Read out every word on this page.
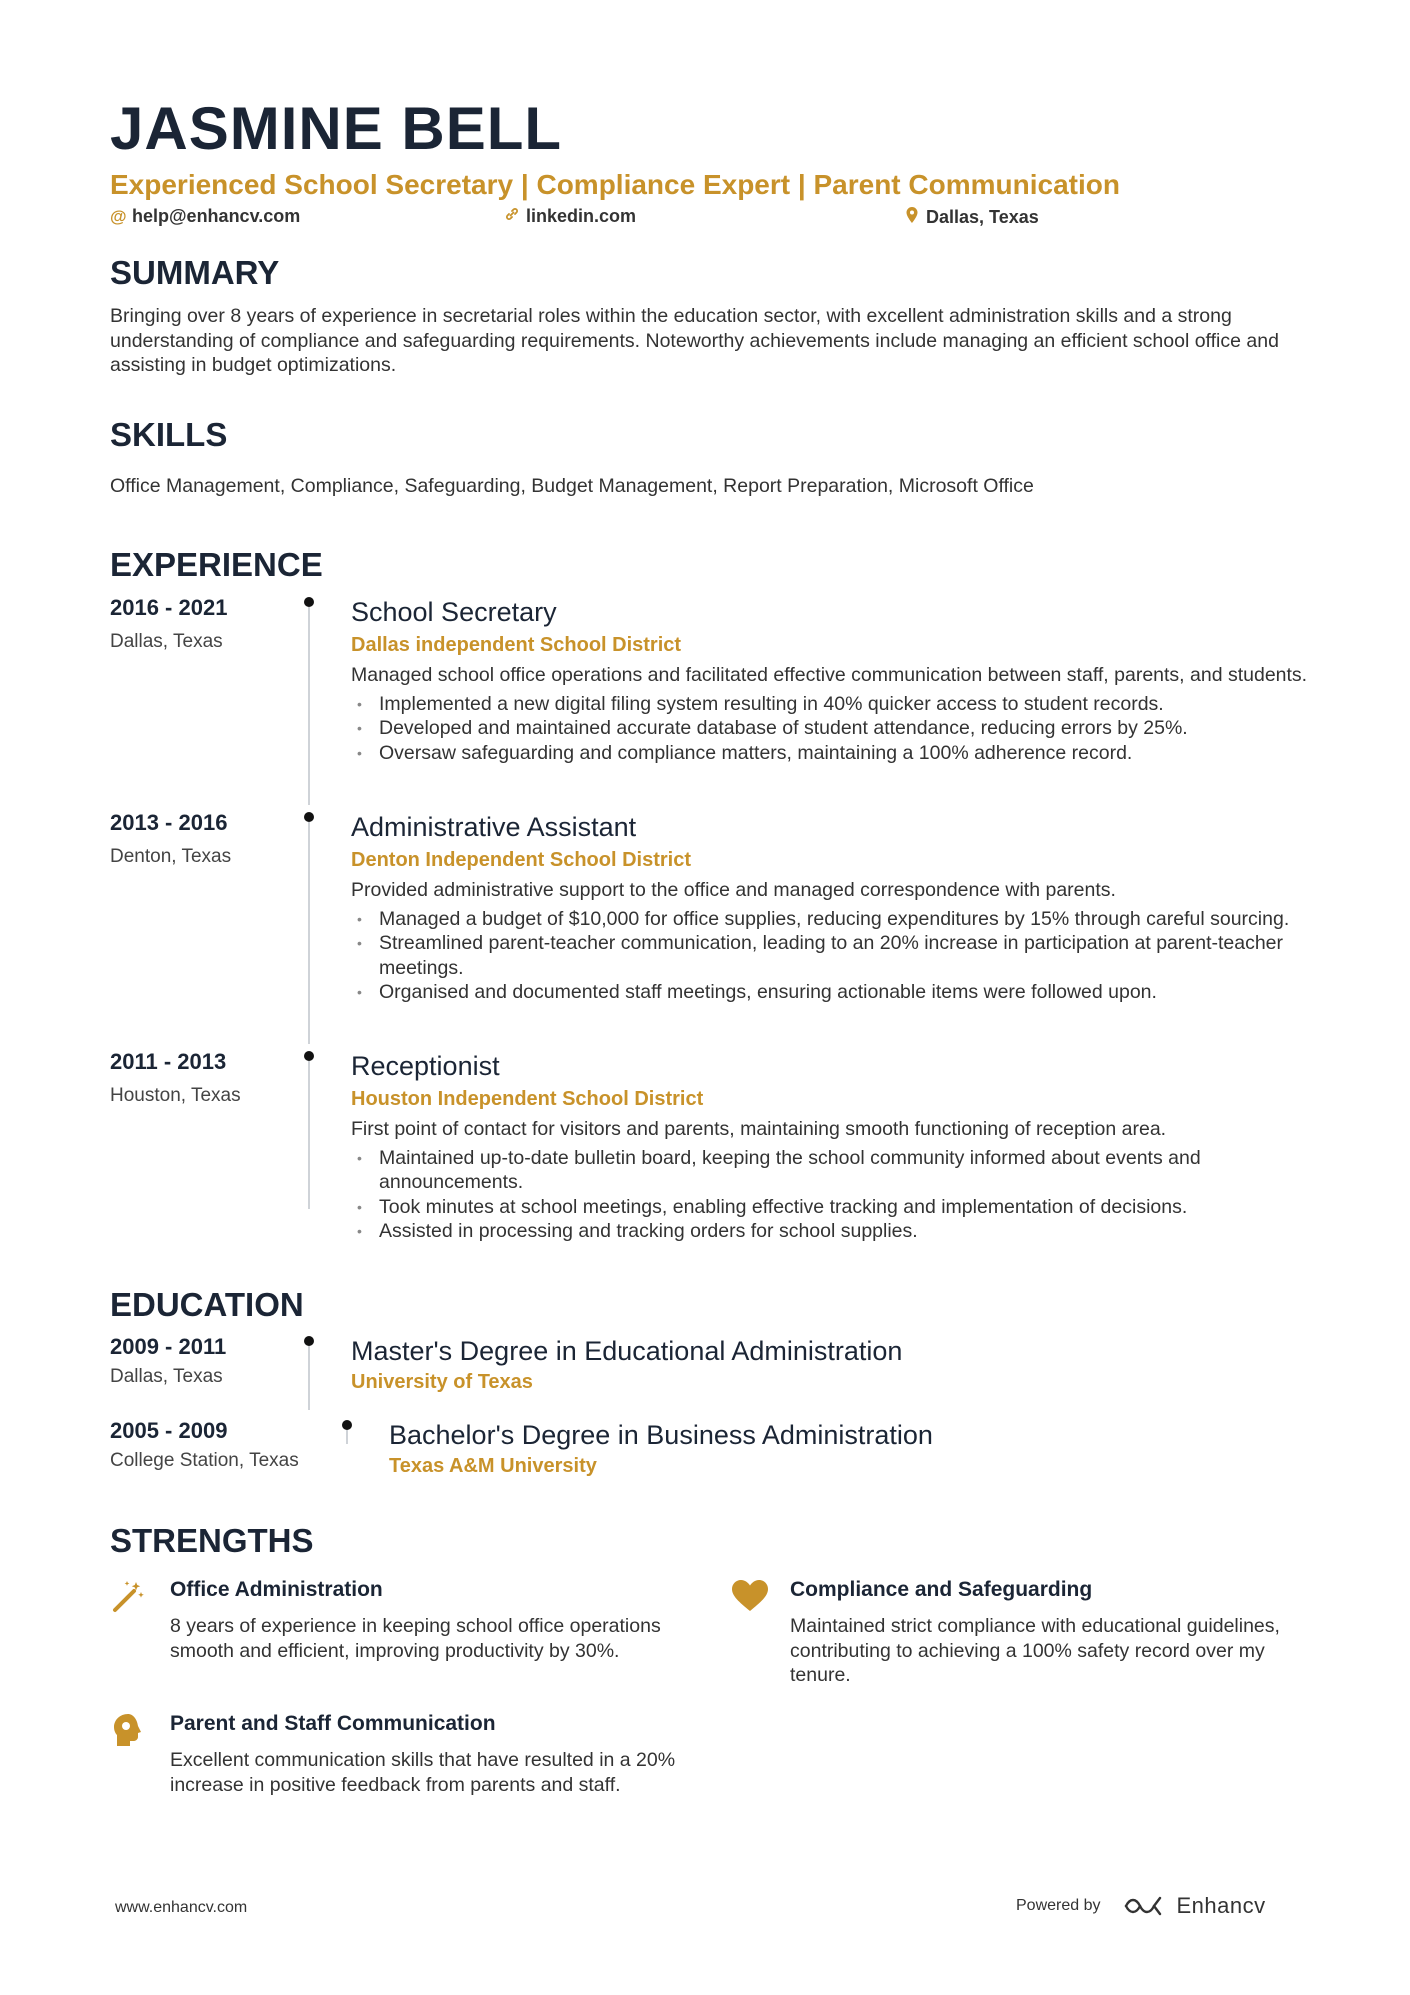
JASMINE BELL
Experienced School Secretary | Compliance Expert | Parent Communication
@ help@enhancv.com	linkedin.com	Dallas, Texas
SUMMARY
Bringing over 8 years of experience in secretarial roles within the education sector, with excellent administration skills and a strong understanding of compliance and safeguarding requirements. Noteworthy achievements include managing an efficient school office and assisting in budget optimizations.
SKILLS
Office Management, Compliance, Safeguarding, Budget Management, Report Preparation, Microsoft Office
EXPERIENCE
2016 - 2021
Dallas, Texas
School Secretary
Dallas independent School District
Managed school office operations and facilitated effective communication between staff, parents, and students.
• Implemented a new digital filing system resulting in 40% quicker access to student records.
• Developed and maintained accurate database of student attendance, reducing errors by 25%.
• Oversaw safeguarding and compliance matters, maintaining a 100% adherence record.
2013 - 2016
Denton, Texas
Administrative Assistant
Denton Independent School District
Provided administrative support to the office and managed correspondence with parents.
• Managed a budget of $10,000 for office supplies, reducing expenditures by 15% through careful sourcing.
• Streamlined parent-teacher communication, leading to an 20% increase in participation at parent-teacher meetings.
• Organised and documented staff meetings, ensuring actionable items were followed upon.
2011 - 2013
Houston, Texas
Receptionist
Houston Independent School District
First point of contact for visitors and parents, maintaining smooth functioning of reception area.
• Maintained up-to-date bulletin board, keeping the school community informed about events and announcements.
• Took minutes at school meetings, enabling effective tracking and implementation of decisions.
• Assisted in processing and tracking orders for school supplies.
EDUCATION
2009 - 2011
Dallas, Texas
Master's Degree in Educational Administration
University of Texas
2005 - 2009
College Station, Texas
Bachelor's Degree in Business Administration
Texas A&M University
STRENGTHS
Office Administration
8 years of experience in keeping school office operations smooth and efficient, improving productivity by 30%.
Compliance and Safeguarding
Maintained strict compliance with educational guidelines, contributing to achieving a 100% safety record over my tenure.
Parent and Staff Communication
Excellent communication skills that have resulted in a 20% increase in positive feedback from parents and staff.
www.enhancv.com	Powered by	Enhancv
